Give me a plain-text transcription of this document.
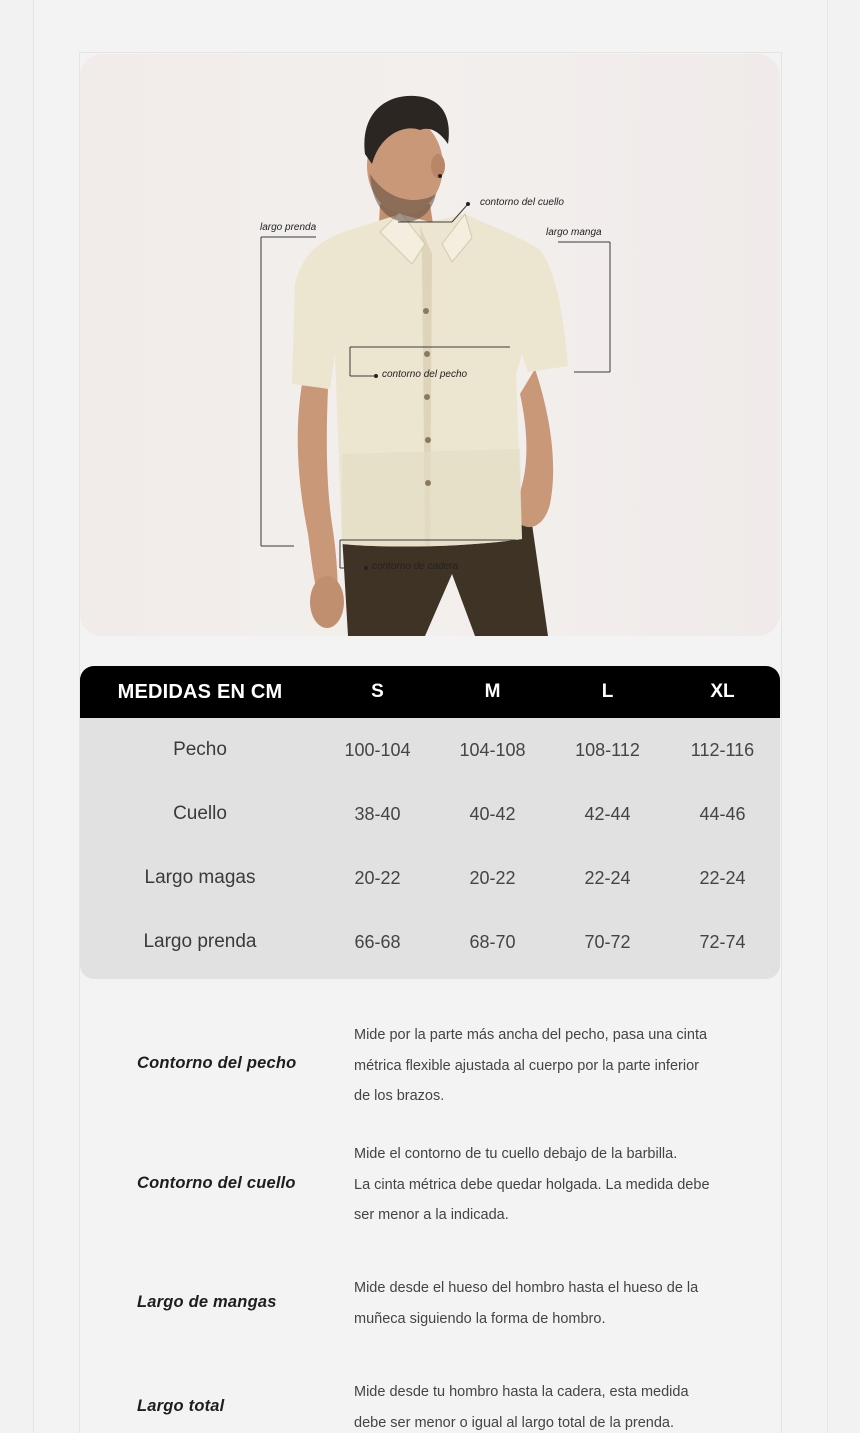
contorno del cuello
largo prenda	largo manga
contorno del pecho
contorno de cadera
MEDIDAS EN CM	S	M	L	XL
Pecho	100-104	104-108	108-112	112-116
Cuello	38-40	40-42	42-44	44-46
Largo magas	20-22	20-22	22-24	22-24
Largo prenda	66-68	68-70	70-72	72-74
Contorno del pecho
Mide por la parte más ancha del pecho, pasa una cinta
métrica flexible ajustada al cuerpo por la parte inferior
de los brazos.
Contorno del cuello
Mide el contorno de tu cuello debajo de la barbilla.
La cinta métrica debe quedar holgada. La medida debe
ser menor a la indicada.
Largo de mangas
Mide desde el hueso del hombro hasta el hueso de la
muñeca siguiendo la forma de hombro.
Largo total
Mide desde tu hombro hasta la cadera, esta medida
debe ser menor o igual al largo total de la prenda.
